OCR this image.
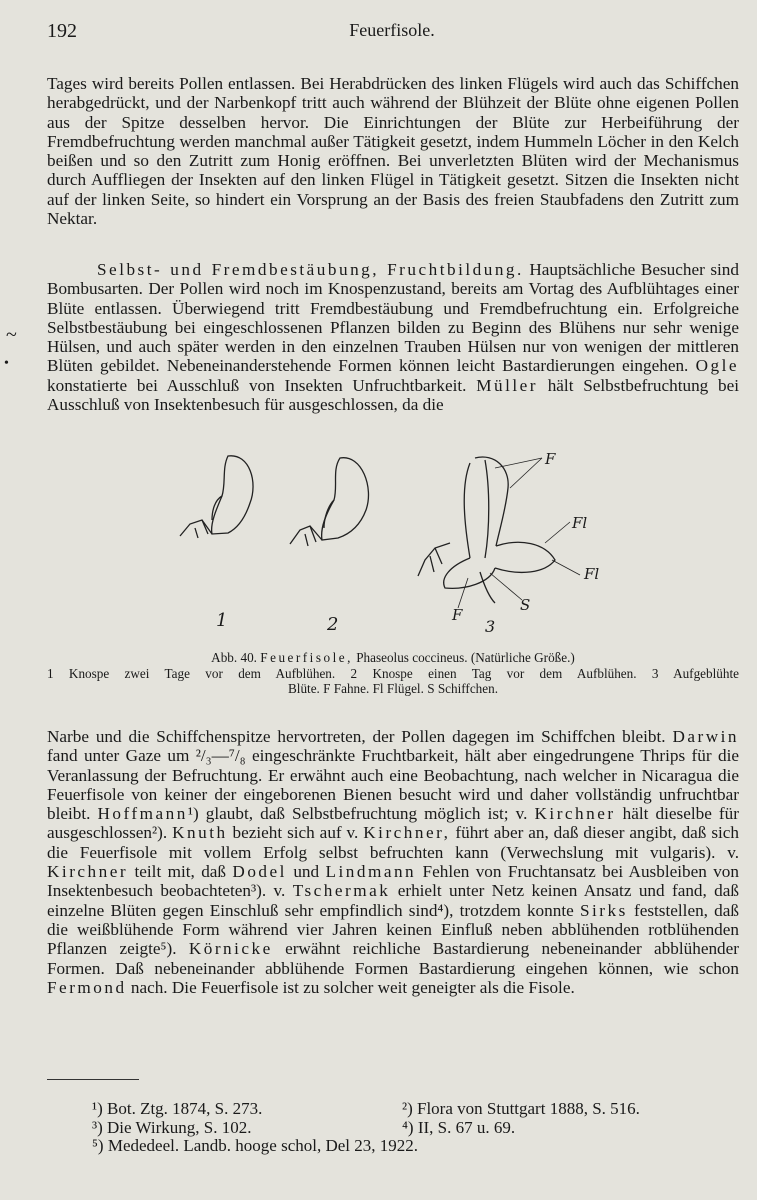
192	Feuerfisole.

Tages wird bereits Pollen entlassen. Bei Herabdrücken des linken Flügels wird auch das Schiffchen herabgedrückt, und der Narbenkopf tritt auch während der Blühzeit der Blüte ohne eigenen Pollen aus der Spitze desselben hervor. Die Einrichtungen der Blüte zur Herbeiführung der Fremdbefruchtung werden manchmal außer Tätigkeit gesetzt, indem Hummeln Löcher in den Kelch beißen und so den Zutritt zum Honig eröffnen. Bei unverletzten Blüten wird der Mechanismus durch Auffliegen der Insekten auf den linken Flügel in Tätigkeit gesetzt. Sitzen die Insekten nicht auf der linken Seite, so hindert ein Vorsprung an der Basis des freien Staubfadens den Zutritt zum Nektar.

Selbst- und Fremdbestäubung, Fruchtbildung. Hauptsächliche Besucher sind Bombusarten. Der Pollen wird noch im Knospenzustand, bereits am Vortag des Aufblühtages einer Blüte entlassen. Überwiegend tritt Fremdbestäubung und Fremdbefruchtung ein. Erfolgreiche Selbstbestäubung bei eingeschlossenen Pflanzen bilden zu Beginn des Blühens nur sehr wenige Hülsen, und auch später werden in den einzelnen Trauben Hülsen nur von wenigen der mittleren Blüten gebildet. Nebeneinanderstehende Formen können leicht Bastardierungen eingehen. Ogle konstatierte bei Ausschluß von Insekten Unfruchtbarkeit. Müller hält Selbstbefruchtung bei Ausschluß von Insektenbesuch für ausgeschlossen, da die

~
•
F
Fl
Fl
F
S
1	2	3
Abb. 40. Feuerfisole, Phaseolus coccineus. (Natürliche Größe.)
1 Knospe zwei Tage vor dem Aufblühen. 2 Knospe einen Tag vor dem Aufblühen. 3 Aufgeblühte
Blüte. F Fahne. Fl Flügel. S Schiffchen.

Narbe und die Schiffchenspitze hervortreten, der Pollen dagegen im Schiffchen bleibt. Darwin fand unter Gaze um ²/₃—⁷/₈ eingeschränkte Fruchtbarkeit, hält aber eingedrungene Thrips für die Veranlassung der Befruchtung. Er erwähnt auch eine Beobachtung, nach welcher in Nicaragua die Feuerfisole von keiner der eingeborenen Bienen besucht wird und daher vollständig unfruchtbar bleibt. Hoffmann¹) glaubt, daß Selbstbefruchtung möglich ist; v. Kirchner hält dieselbe für ausgeschlossen²). Knuth bezieht sich auf v. Kirchner, führt aber an, daß dieser angibt, daß sich die Feuerfisole mit vollem Erfolg selbst befruchten kann (Verwechslung mit vulgaris). v. Kirchner teilt mit, daß Dodel und Lindmann Fehlen von Fruchtansatz bei Ausbleiben von Insektenbesuch beobachteten³). v. Tschermak erhielt unter Netz keinen Ansatz und fand, daß einzelne Blüten gegen Einschluß sehr empfindlich sind⁴), trotzdem konnte Sirks feststellen, daß die weißblühende Form während vier Jahren keinen Einfluß neben abblühenden rotblühenden Pflanzen zeigte⁵). Körnicke erwähnt reichliche Bastardierung nebeneinander abblühender Formen. Daß nebeneinander abblühende Formen Bastardierung eingehen können, wie schon Fermond nach. Die Feuerfisole ist zu solcher weit geneigter als die Fisole.

¹) Bot. Ztg. 1874, S. 273.	²) Flora von Stuttgart 1888, S. 516.
³) Die Wirkung, S. 102.	⁴) II, S. 67 u. 69.
⁵) Mededeel. Landb. hooge schol, Del 23, 1922.
